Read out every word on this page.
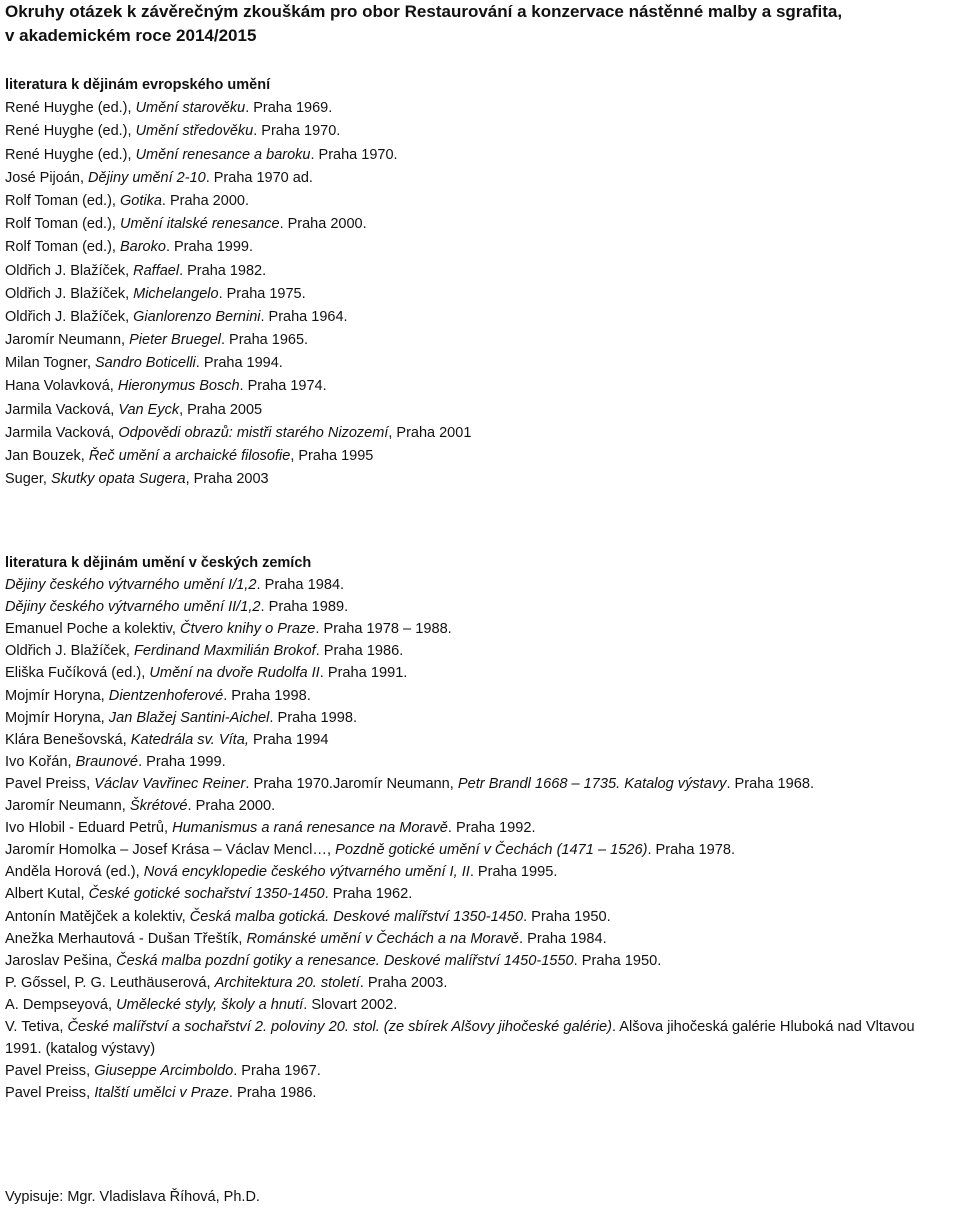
Okruhy otázek k závěrečným zkouškám pro obor Restaurování a konzervace nástěnné malby a sgrafita,
v akademickém roce 2014/2015
literatura k dějinám evropského umění
René Huyghe (ed.), Umění starověku. Praha 1969.
René Huyghe (ed.), Umění středověku. Praha 1970.
René Huyghe (ed.), Umění renesance a baroku. Praha 1970.
José Pijoán, Dějiny umění 2-10. Praha 1970 ad.
Rolf Toman (ed.), Gotika. Praha 2000.
Rolf Toman (ed.), Umění italské renesance. Praha 2000.
Rolf Toman (ed.), Baroko. Praha 1999.
Oldřich J. Blažíček, Raffael. Praha 1982.
Oldřich J. Blažíček, Michelangelo. Praha 1975.
Oldřich J. Blažíček, Gianlorenzo Bernini. Praha 1964.
Jaromír Neumann, Pieter Bruegel. Praha 1965.
Milan Togner, Sandro Boticelli. Praha 1994.
Hana Volavková, Hieronymus Bosch. Praha 1974.
Jarmila Vacková, Van Eyck, Praha 2005
Jarmila Vacková, Odpovědi obrazů: mistři starého Nizozemí, Praha 2001
Jan Bouzek, Řeč umění a archaické filosofie, Praha 1995
Suger, Skutky opata Sugera, Praha 2003
literatura k dějinám umění v českých zemích
Dějiny českého výtvarného umění I/1,2. Praha 1984.
Dějiny českého výtvarného umění II/1,2. Praha 1989.
Emanuel Poche a kolektiv, Čtvero knihy o Praze. Praha 1978 – 1988.
Oldřich J. Blažíček, Ferdinand Maxmilián Brokof. Praha 1986.
Eliška Fučíková (ed.), Umění na dvoře Rudolfa II. Praha 1991.
Mojmír Horyna, Dientzenhoferové. Praha 1998.
Mojmír Horyna, Jan Blažej Santini-Aichel. Praha 1998.
Klára Benešovská, Katedrála sv. Víta, Praha 1994
Ivo Kořán, Braunové. Praha 1999.
Pavel Preiss, Václav Vavřinec Reiner. Praha 1970.Jaromír Neumann, Petr Brandl 1668 – 1735. Katalog výstavy. Praha 1968.
Jaromír Neumann, Škrétové. Praha 2000.
Ivo Hlobil - Eduard Petrů, Humanismus a raná renesance na Moravě. Praha 1992.
Jaromír Homolka – Josef Krása – Václav Mencl…, Pozdně gotické umění v Čechách (1471 – 1526). Praha 1978.
Anděla Horová (ed.), Nová encyklopedie českého výtvarného umění I, II. Praha 1995.
Albert Kutal, České gotické sochařství 1350-1450. Praha 1962.
Antonín Matějček a kolektiv, Česká malba gotická. Deskové malířství 1350-1450. Praha 1950.
Anežka Merhautová - Dušan Třeštík, Románské umění v Čechách a na Moravě. Praha 1984.
Jaroslav Pešina, Česká malba pozdní gotiky a renesance. Deskové malířství 1450-1550. Praha 1950.
P. Gőssel, P. G. Leuthäuserová, Architektura 20. století. Praha 2003.
A. Dempseyová, Umělecké styly, školy a hnutí. Slovart 2002.
V. Tetiva, České malířství a sochařství 2. poloviny 20. stol. (ze sbírek Alšovy jihočeské galérie). Alšova jihočeská galérie Hluboká nad Vltavou 1991. (katalog výstavy)
Pavel Preiss, Giuseppe Arcimboldo. Praha 1967.
Pavel Preiss, Italští umělci v Praze. Praha 1986.

Vypisuje: Mgr. Vladislava Říhová, Ph.D.
